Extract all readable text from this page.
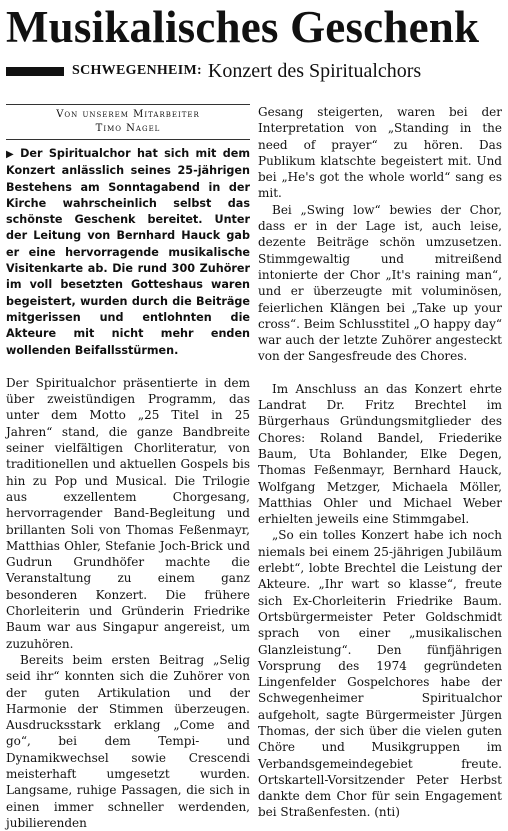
Musikalisches Geschenk
SCHWEGENHEIM: Konzert des Spiritualchors
Von unserem Mitarbeiter
Timo Nagel

▶ Der Spiritualchor hat sich mit dem Konzert anlässlich seines 25-jährigen Bestehens am Sonntagabend in der Kirche wahrscheinlich selbst das schönste Geschenk bereitet. Unter der Leitung von Bernhard Hauck gab er eine hervorragende musikalische Visitenkarte ab. Die rund 300 Zuhörer im voll besetzten Gotteshaus waren begeistert, wurden durch die Beiträge mitgerissen und entlohnten die Akteure mit nicht mehr enden wollenden Beifallsstürmen.

Der Spiritualchor präsentierte in dem über zweistündigen Programm, das unter dem Motto „25 Titel in 25 Jahren“ stand, die ganze Bandbreite seiner vielfältigen Chorliteratur, von traditionellen und aktuellen Gospels bis hin zu Pop und Musical. Die Trilogie aus exzellentem Chorgesang, hervorragender Band-Begleitung und brillanten Soli von Thomas Feßenmayr, Matthias Ohler, Stefanie Joch-Brick und Gudrun Grundhöfer machte die Veranstaltung zu einem ganz besonderen Konzert. Die frühere Chorleiterin und Gründerin Friedrike Baum war aus Singapur angereist, um zuzuhören.

Bereits beim ersten Beitrag „Selig seid ihr“ konnten sich die Zuhörer von der guten Artikulation und der Harmonie der Stimmen überzeugen. Ausdrucksstark erklang „Come and go“, bei dem Tempi- und Dynamikwechsel sowie Crescendi meisterhaft umgesetzt wurden. Langsame, ruhige Passagen, die sich in einen immer schneller werdenden, jubilierenden

Gesang steigerten, waren bei der Interpretation von „Standing in the need of prayer“ zu hören. Das Publikum klatschte begeistert mit. Und bei „He's got the whole world“ sang es mit.

Bei „Swing low“ bewies der Chor, dass er in der Lage ist, auch leise, dezente Beiträge schön umzusetzen. Stimmgewaltig und mitreißend intonierte der Chor „It's raining man“, und er überzeugte mit voluminösen, feierlichen Klängen bei „Take up your cross“. Beim Schlusstitel „O happy day“ war auch der letzte Zuhörer angesteckt von der Sangesfreude des Chores.

Im Anschluss an das Konzert ehrte Landrat Dr. Fritz Brechtel im Bürgerhaus Gründungsmitglieder des Chores: Roland Bandel, Friederike Baum, Uta Bohlander, Elke Degen, Thomas Feßenmayr, Bernhard Hauck, Wolfgang Metzger, Michaela Möller, Matthias Ohler und Michael Weber erhielten jeweils eine Stimmgabel.

„So ein tolles Konzert habe ich noch niemals bei einem 25-jährigen Jubiläum erlebt“, lobte Brechtel die Leistung der Akteure. „Ihr wart so klasse“, freute sich Ex-Chorleiterin Friedrike Baum. Ortsbürgermeister Peter Goldschmidt sprach von einer „musikalischen Glanzleistung“. Den fünfjährigen Vorsprung des 1974 gegründeten Lingenfelder Gospelchores habe der Schwegenheimer Spiritualchor aufgeholt, sagte Bürgermeister Jürgen Thomas, der sich über die vielen guten Chöre und Musikgruppen im Verbandsgemeindegebiet freute. Ortskartell-Vorsitzender Peter Herbst dankte dem Chor für sein Engagement bei Straßenfesten. (nti)
